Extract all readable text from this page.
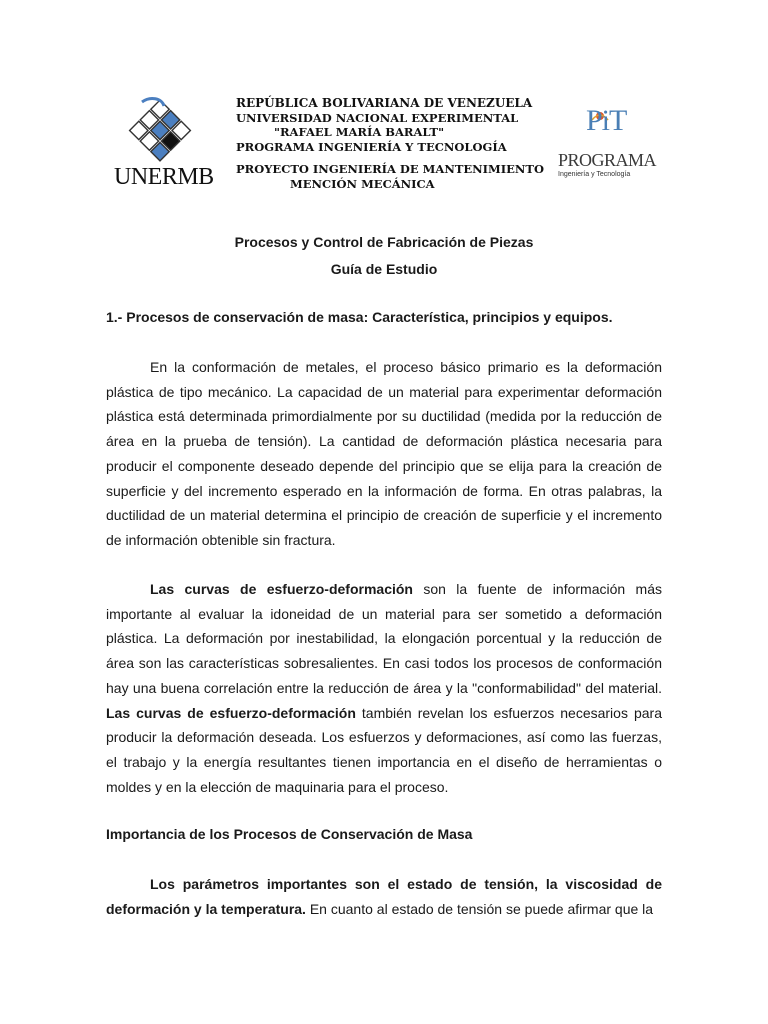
UNERMB
REPÚBLICA BOLIVARIANA DE VENEZUELA
UNIVERSIDAD NACIONAL EXPERIMENTAL
"RAFAEL MARÍA BARALT"
PROGRAMA INGENIERÍA Y TECNOLOGÍA
PROYECTO INGENIERÍA DE MANTENIMIENTO
MENCIÓN MECÁNICA
PiT
PROGRAMA
Ingeniería y Tecnología
Procesos y Control de Fabricación de Piezas
Guía de Estudio
1.- Procesos de conservación de masa: Característica, principios y equipos.
En la conformación de metales, el proceso básico primario es la deformación plástica de tipo mecánico. La capacidad de un material para experimentar deformación plástica está determinada primordialmente por su ductilidad (medida por la reducción de área en la prueba de tensión). La cantidad de deformación plástica necesaria para producir el componente deseado depende del principio que se elija para la creación de superficie y del incremento esperado en la información de forma. En otras palabras, la ductilidad de un material determina el principio de creación de superficie y el incremento de información obtenible sin fractura.
Las curvas de esfuerzo-deformación son la fuente de información más importante al evaluar la idoneidad de un material para ser sometido a deformación plástica. La deformación por inestabilidad, la elongación porcentual y la reducción de área son las características sobresalientes. En casi todos los procesos de conformación hay una buena correlación entre la reducción de área y la "conformabilidad" del material. Las curvas de esfuerzo-deformación también revelan los esfuerzos necesarios para producir la deformación deseada. Los esfuerzos y deformaciones, así como las fuerzas, el trabajo y la energía resultantes tienen importancia en el diseño de herramientas o moldes y en la elección de maquinaria para el proceso.
Importancia de los Procesos de Conservación de Masa
Los parámetros importantes son el estado de tensión, la viscosidad de deformación y la temperatura. En cuanto al estado de tensión se puede afirmar que la
